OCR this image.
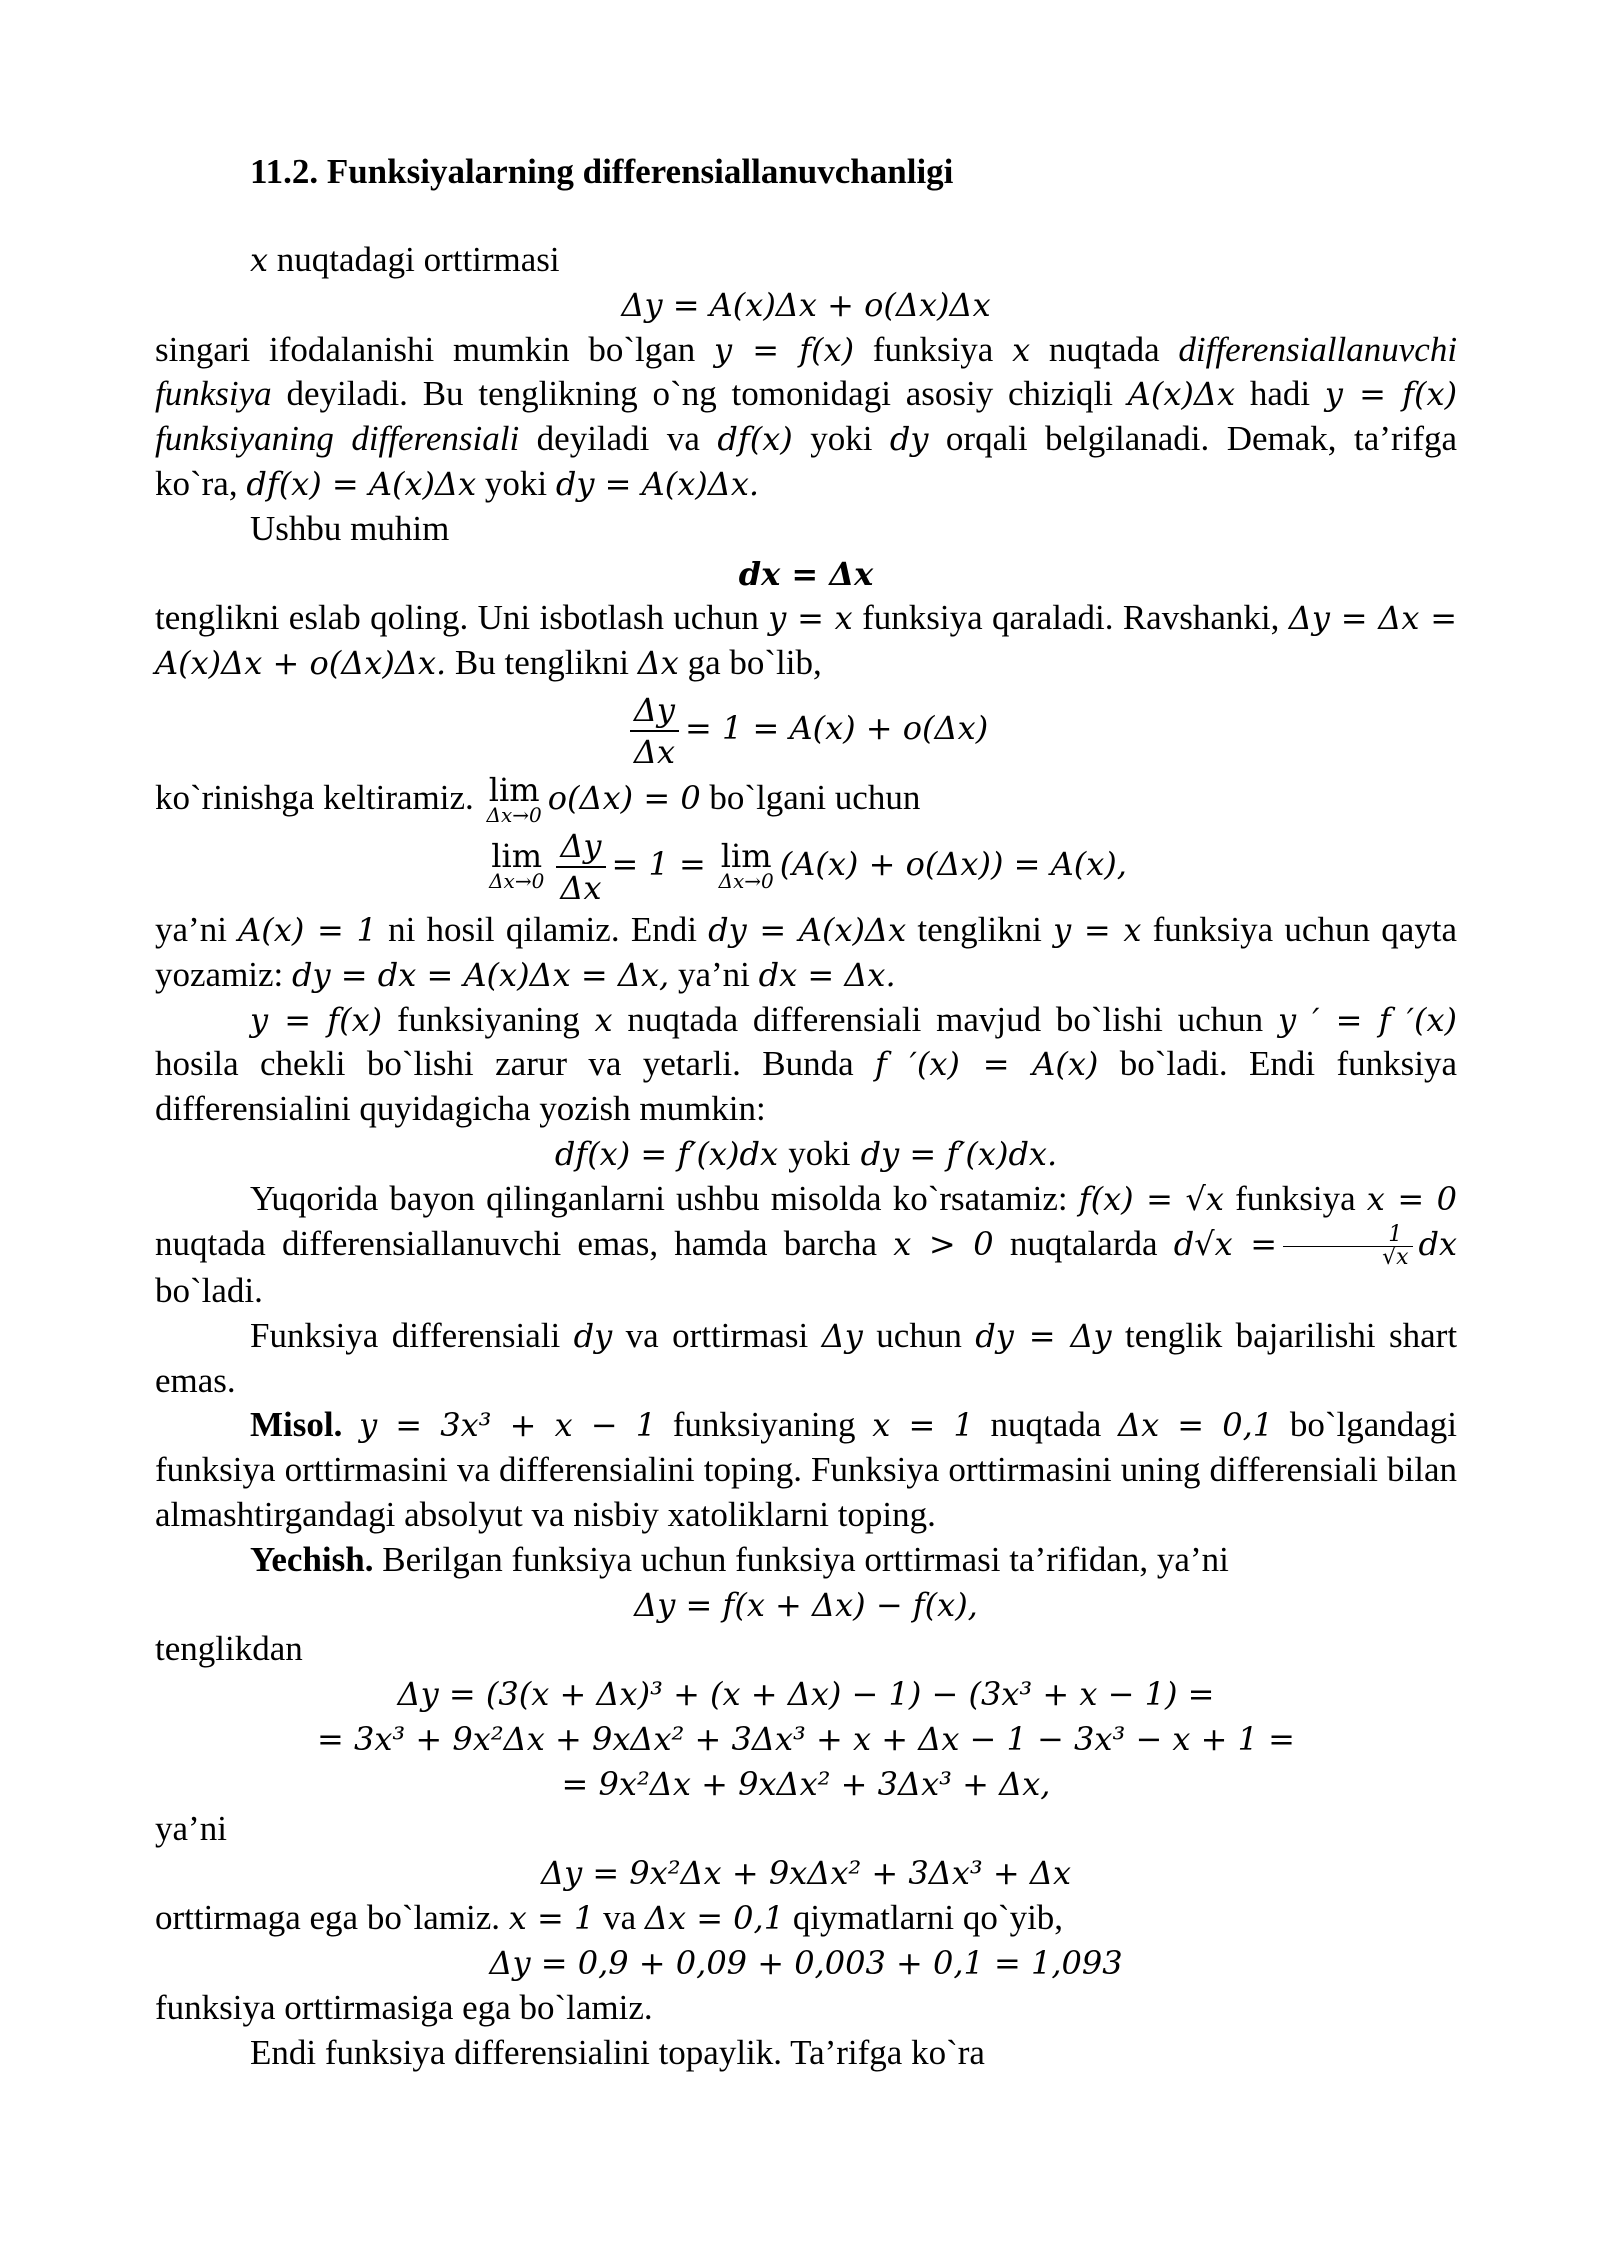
11.2. Funksiyalarning differensiallanuvchanligi

x nuqtadagi orttirmasi

Δy = A(x)Δx + o(Δx)Δx

singari ifodalanishi mumkin bo`lgan y = f(x) funksiya x nuqtada differensiallanuvchi funksiya deyiladi. Bu tenglikning o`ng tomonidagi asosiy chiziqli A(x)Δx hadi y = f(x) funksiyaning differensiali deyiladi va df(x) yoki dy orqali belgilanadi. Demak, ta’rifga ko`ra, df(x) = A(x)Δx yoki dy = A(x)Δx.

Ushbu muhim

dx = Δx

tenglikni eslab qoling. Uni isbotlash uchun y = x funksiya qaraladi. Ravshanki, Δy = Δx = A(x)Δx + o(Δx)Δx. Bu tenglikni Δx ga bo`lib,

$\frac{\Delta y}{\Delta x} = 1 = A(x) + o(\Delta x)$

ko`rinishga keltiramiz. lim
Δx→0 o(Δx) = 0 bo`lgani uchun

lim
$\Delta x\to 0 \frac{\Delta y}{\Delta x} = 1 = \lim$
Δx→0 (A(x) + o(Δx)) = A(x),

ya’ni A(x) = 1 ni hosil qilamiz. Endi dy = A(x)Δx tenglikni y = x funksiya uchun qayta yozamiz: dy = dx = A(x)Δx = Δx, ya’ni dx = Δx.

y = f(x) funksiyaning x nuqtada differensiali mavjud bo`lishi uchun y ′ = f ′(x) hosila chekli bo`lishi zarur va yetarli. Bunda f ′(x) = A(x) bo`ladi. Endi funksiya differensialini quyidagicha yozish mumkin:

df(x) = f′(x)dx yoki dy = f′(x)dx.

Yuqorida bayon qilinganlarni ushbu misolda ko`rsatamiz: f(x) = √x funksiya x = 0 nuqtada differensiallanuvchi emas, hamda barcha x > 0 nuqtalarda $d√x = \frac{1}{√x}$ dx bo`ladi.

Funksiya differensiali dy va orttirmasi Δy uchun dy = Δy tenglik bajarilishi shart emas.

Misol. y = 3x³ + x − 1 funksiyaning x = 1 nuqtada Δx = 0,1 bo`lgandagi funksiya orttirmasini va differensialini toping. Funksiya orttirmasini uning differensiali bilan almashtirgandagi absolyut va nisbiy xatoliklarni toping.

Yechish. Berilgan funksiya uchun funksiya orttirmasi ta’rifidan, ya’ni

Δy = f(x + Δx) − f(x),

tenglikdan

Δy = (3(x + Δx)³ + (x + Δx) − 1) − (3x³ + x − 1) =

= 3x³ + 9x²Δx + 9xΔx² + 3Δx³ + x + Δx − 1 − 3x³ − x + 1 =

= 9x²Δx + 9xΔx² + 3Δx³ + Δx,

ya’ni

Δy = 9x²Δx + 9xΔx² + 3Δx³ + Δx

orttirmaga ega bo`lamiz. x = 1 va Δx = 0,1 qiymatlarni qo`yib,

Δy = 0,9 + 0,09 + 0,003 + 0,1 = 1,093

funksiya orttirmasiga ega bo`lamiz.

Endi funksiya differensialini topaylik. Ta’rifga ko`ra
